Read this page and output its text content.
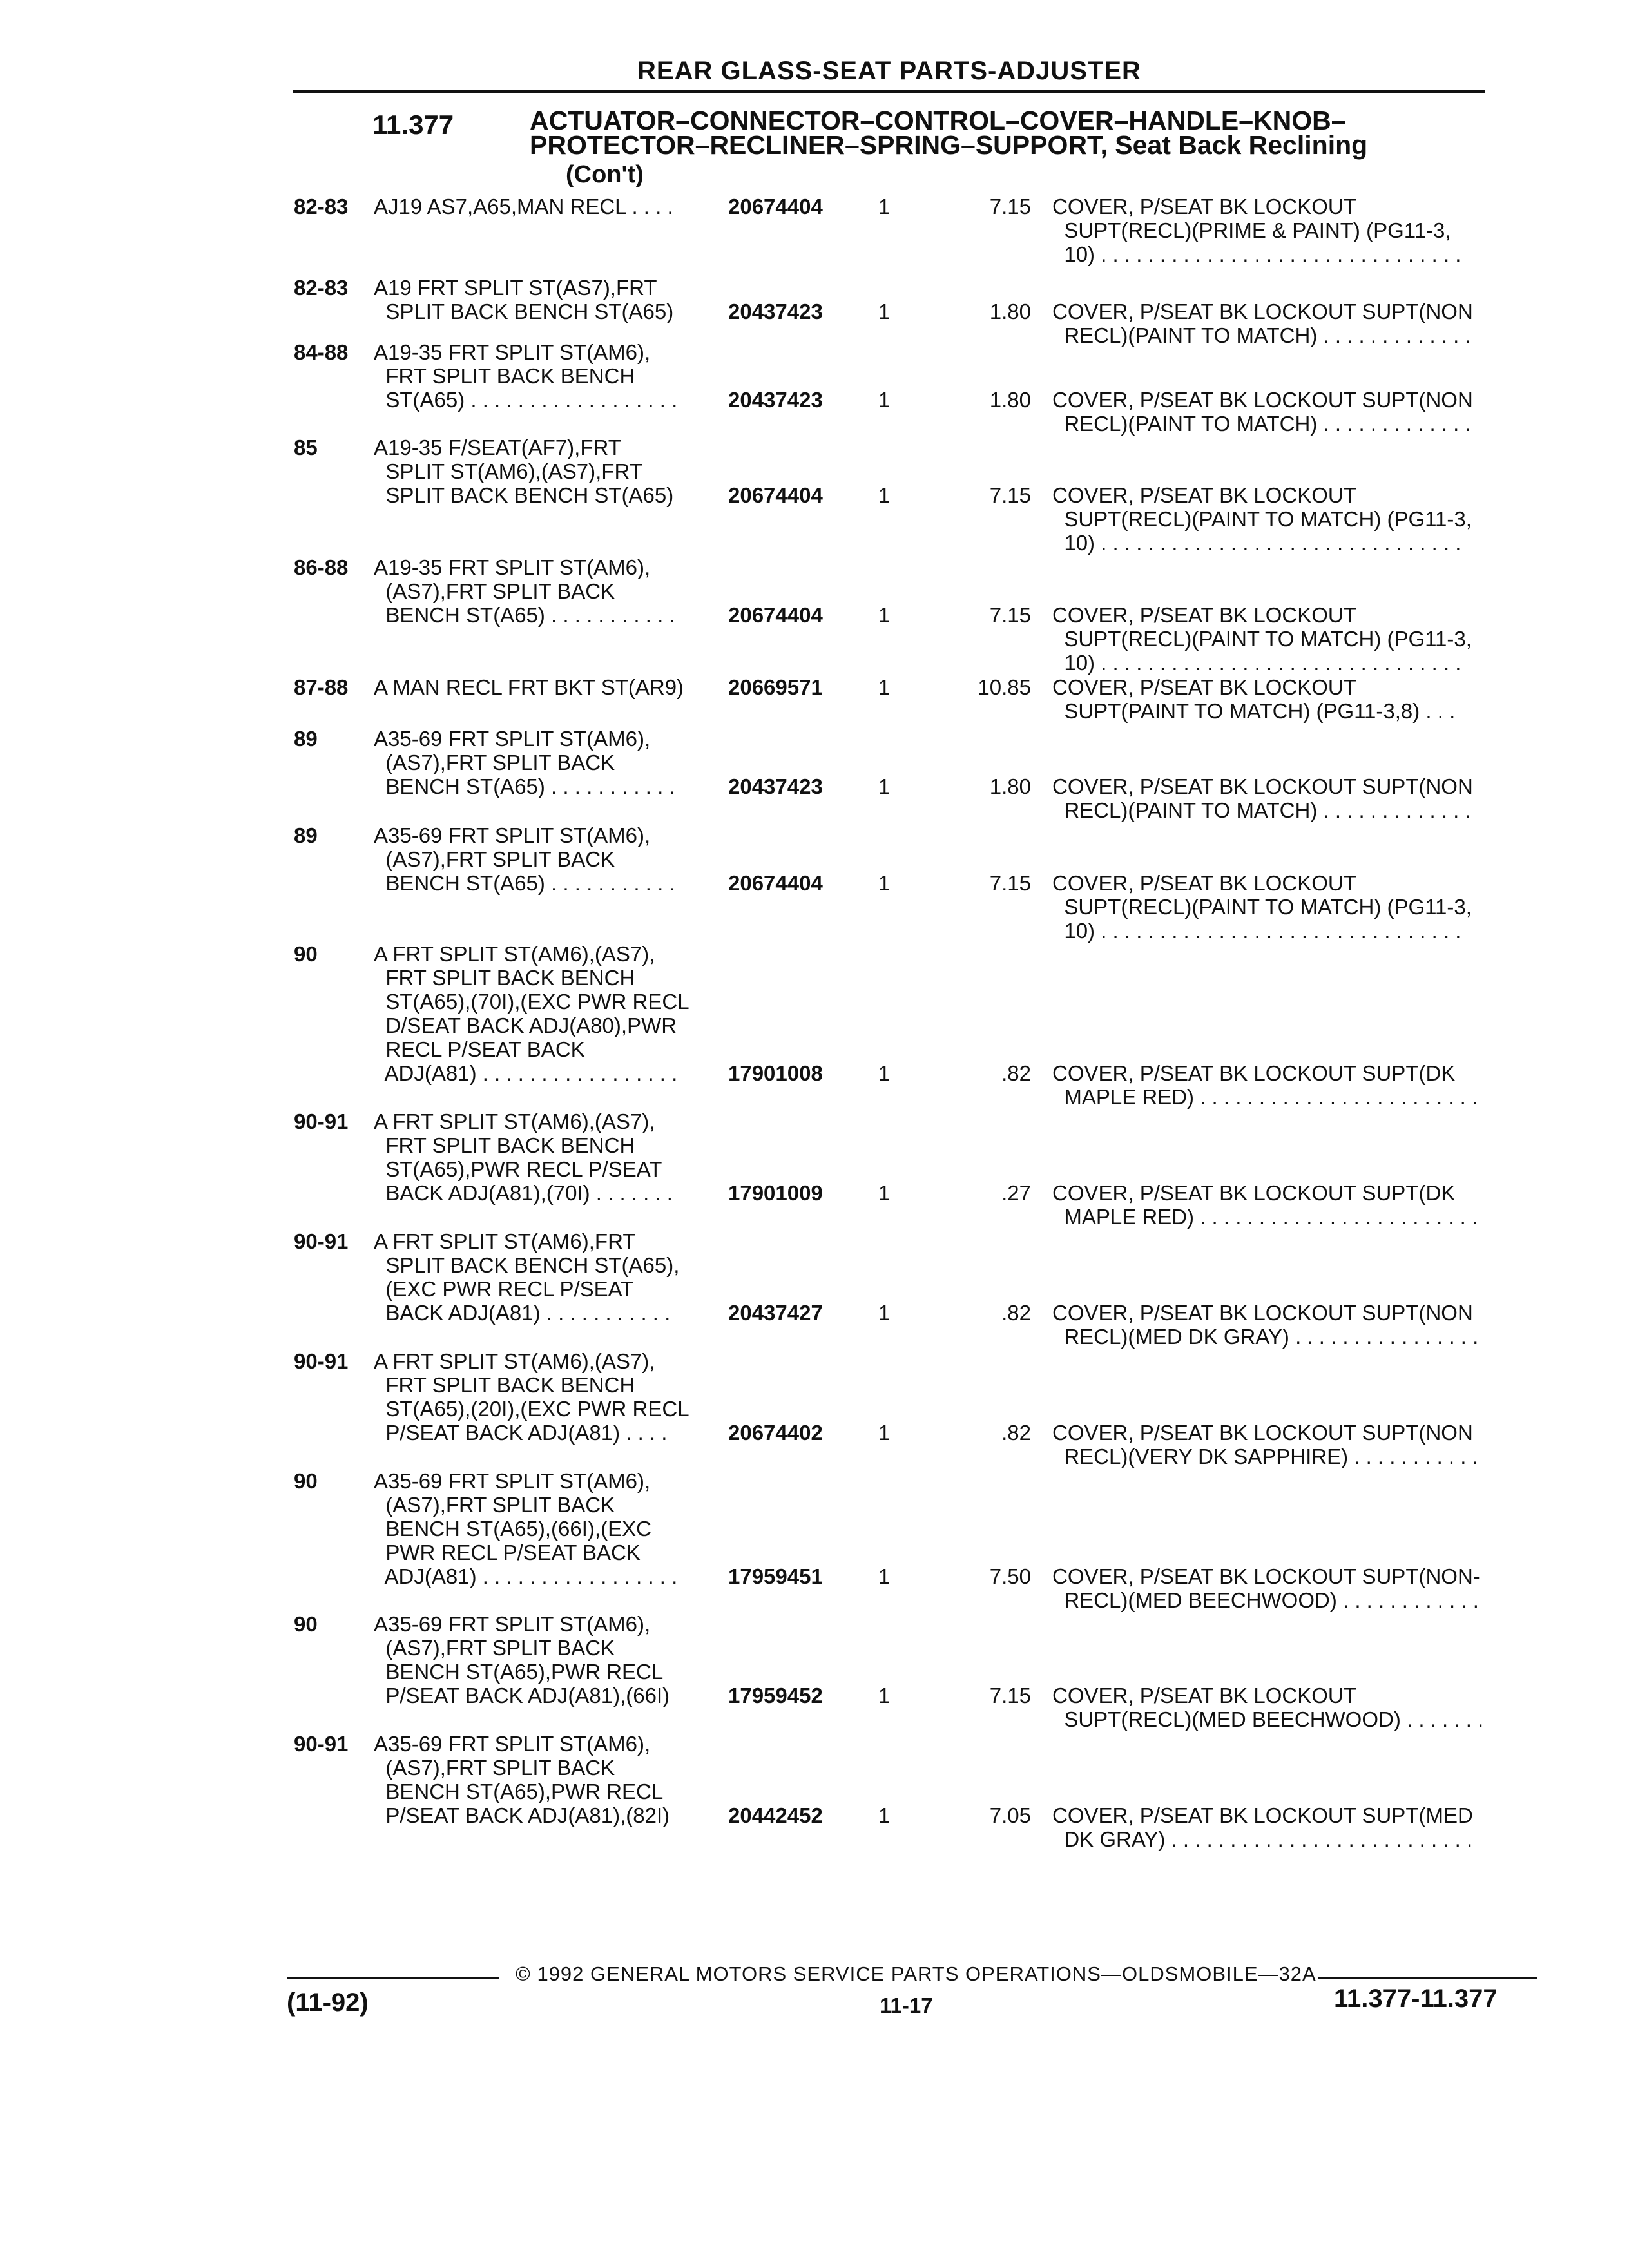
REAR GLASS-SEAT PARTS-ADJUSTER
11.377	ACTUATOR–CONNECTOR–CONTROL–COVER–HANDLE–KNOB–
PROTECTOR–RECLINER–SPRING–SUPPORT, Seat Back Reclining
(Con't)
82-83 AJ19 AS7,A65,MAN RECL . . . .	20674404	1	7.15 COVER, P/SEAT BK LOCKOUT
SUPT(RECL)(PRIME & PAINT) (PG11-3,
10) . . . . . . . . . . . . . . . . . . . . . . . . . . . . . . .
82-83 A19 FRT SPLIT ST(AS7),FRT
SPLIT BACK BENCH ST(A65)	20437423	1	1.80 COVER, P/SEAT BK LOCKOUT SUPT(NON
RECL)(PAINT TO MATCH) . . . . . . . . . . . . .
84-88 A19-35 FRT SPLIT ST(AM6),
FRT SPLIT BACK BENCH
ST(A65) . . . . . . . . . . . . . . . . . .	20437423	1	1.80 COVER, P/SEAT BK LOCKOUT SUPT(NON
RECL)(PAINT TO MATCH) . . . . . . . . . . . . .
85	A19-35 F/SEAT(AF7),FRT
SPLIT ST(AM6),(AS7),FRT
SPLIT BACK BENCH ST(A65)	20674404	1	7.15 COVER, P/SEAT BK LOCKOUT
SUPT(RECL)(PAINT TO MATCH) (PG11-3,
10) . . . . . . . . . . . . . . . . . . . . . . . . . . . . . . .
86-88 A19-35 FRT SPLIT ST(AM6),
(AS7),FRT SPLIT BACK
BENCH ST(A65) . . . . . . . . . . .	20674404	1	7.15 COVER, P/SEAT BK LOCKOUT
SUPT(RECL)(PAINT TO MATCH) (PG11-3,
10) . . . . . . . . . . . . . . . . . . . . . . . . . . . . . . .
87-88 A MAN RECL FRT BKT ST(AR9)	20669571	1	10.85 COVER, P/SEAT BK LOCKOUT
SUPT(PAINT TO MATCH) (PG11-3,8) . . .
89	A35-69 FRT SPLIT ST(AM6),
(AS7),FRT SPLIT BACK
BENCH ST(A65) . . . . . . . . . . .	20437423	1	1.80 COVER, P/SEAT BK LOCKOUT SUPT(NON
RECL)(PAINT TO MATCH) . . . . . . . . . . . . .
89	A35-69 FRT SPLIT ST(AM6),
(AS7),FRT SPLIT BACK
BENCH ST(A65) . . . . . . . . . . .	20674404	1	7.15 COVER, P/SEAT BK LOCKOUT
SUPT(RECL)(PAINT TO MATCH) (PG11-3,
10) . . . . . . . . . . . . . . . . . . . . . . . . . . . . . . .
90	A FRT SPLIT ST(AM6),(AS7),
FRT SPLIT BACK BENCH
ST(A65),(70I),(EXC PWR RECL
D/SEAT BACK ADJ(A80),PWR
RECL P/SEAT BACK
ADJ(A81) . . . . . . . . . . . . . . . . .	17901008	1	.82 COVER, P/SEAT BK LOCKOUT SUPT(DK
MAPLE RED) . . . . . . . . . . . . . . . . . . . . . . . .
90-91 A FRT SPLIT ST(AM6),(AS7),
FRT SPLIT BACK BENCH
ST(A65),PWR RECL P/SEAT
BACK ADJ(A81),(70I) . . . . . . .	17901009	1	.27 COVER, P/SEAT BK LOCKOUT SUPT(DK
MAPLE RED) . . . . . . . . . . . . . . . . . . . . . . . .
90-91 A FRT SPLIT ST(AM6),FRT
SPLIT BACK BENCH ST(A65),
(EXC PWR RECL P/SEAT
BACK ADJ(A81) . . . . . . . . . . .	20437427	1	.82 COVER, P/SEAT BK LOCKOUT SUPT(NON
RECL)(MED DK GRAY) . . . . . . . . . . . . . . . .
90-91 A FRT SPLIT ST(AM6),(AS7),
FRT SPLIT BACK BENCH
ST(A65),(20I),(EXC PWR RECL
P/SEAT BACK ADJ(A81) . . . .	20674402	1	.82 COVER, P/SEAT BK LOCKOUT SUPT(NON
RECL)(VERY DK SAPPHIRE) . . . . . . . . . . .
90	A35-69 FRT SPLIT ST(AM6),
(AS7),FRT SPLIT BACK
BENCH ST(A65),(66I),(EXC
PWR RECL P/SEAT BACK
ADJ(A81) . . . . . . . . . . . . . . . . .	17959451	1	7.50 COVER, P/SEAT BK LOCKOUT SUPT(NON-
RECL)(MED BEECHWOOD) . . . . . . . . . . . .
90	A35-69 FRT SPLIT ST(AM6),
(AS7),FRT SPLIT BACK
BENCH ST(A65),PWR RECL
P/SEAT BACK ADJ(A81),(66I)	17959452	1	7.15 COVER, P/SEAT BK LOCKOUT
SUPT(RECL)(MED BEECHWOOD) . . . . . . .
90-91 A35-69 FRT SPLIT ST(AM6),
(AS7),FRT SPLIT BACK
BENCH ST(A65),PWR RECL
P/SEAT BACK ADJ(A81),(82I)	20442452	1	7.05 COVER, P/SEAT BK LOCKOUT SUPT(MED
DK GRAY) . . . . . . . . . . . . . . . . . . . . . . . . . .
© 1992 GENERAL MOTORS SERVICE PARTS OPERATIONS—OLDSMOBILE—32A
(11-92)	11-17	11.377-11.377
